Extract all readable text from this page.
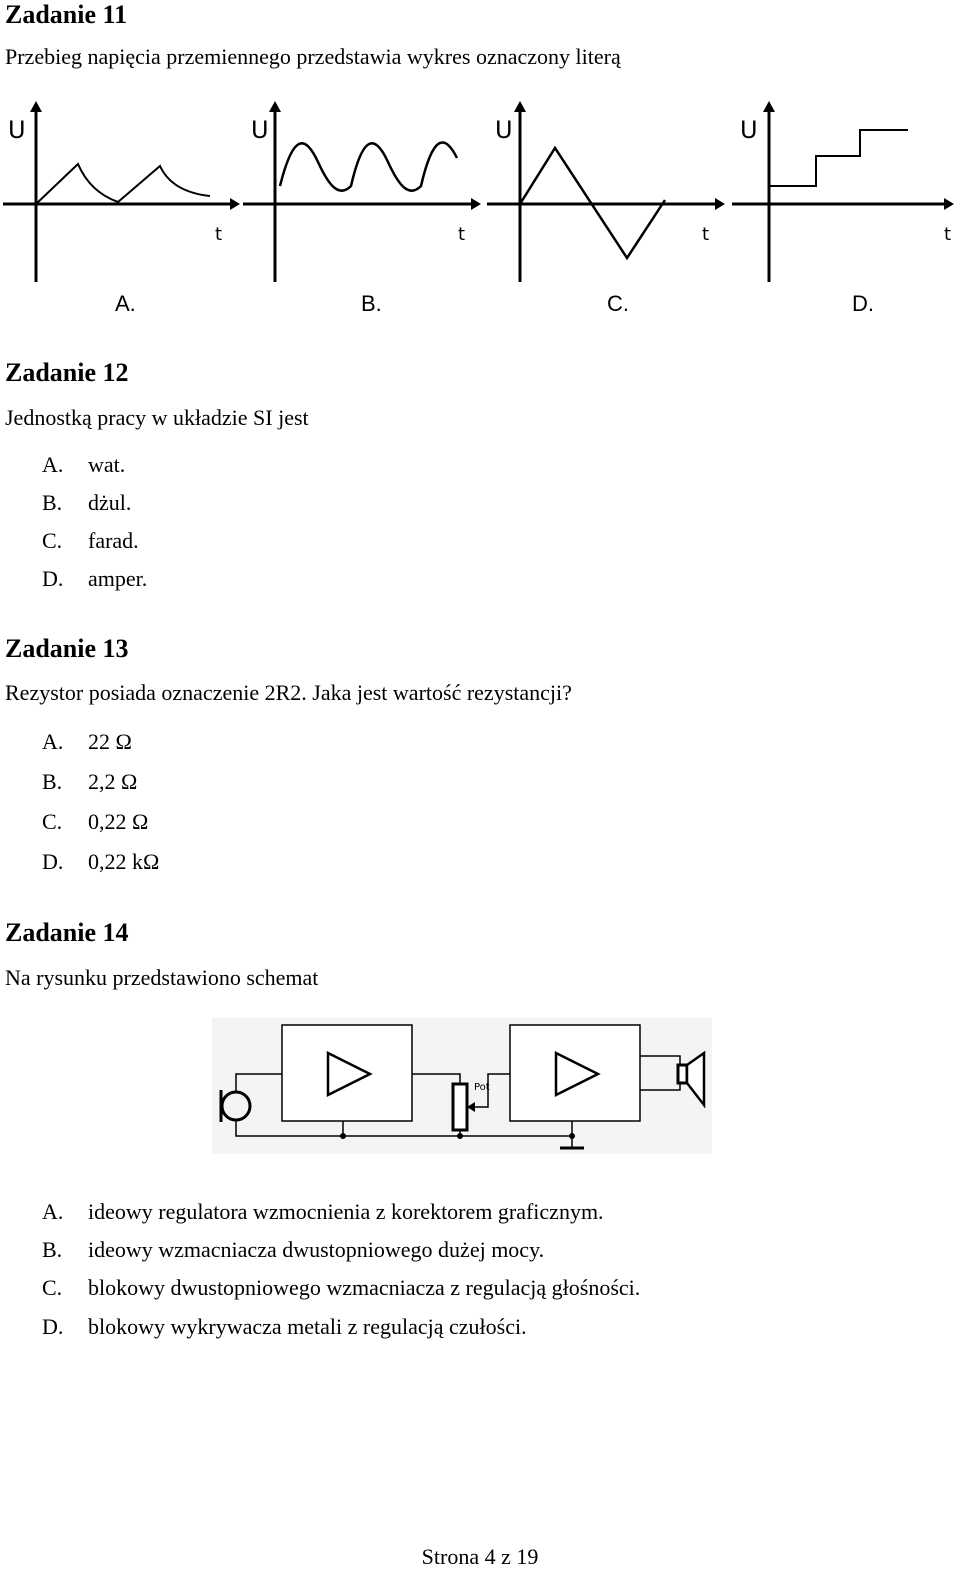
Zadanie 11
Przebieg napięcia przemiennego przedstawia wykres oznaczony literą
U
t
U
t
U
t
U
t
A.	B.	C.	D.
Zadanie 12
Jednostką pracy w układzie SI jest
A. wat.
B. dżul.
C. farad.
D. amper.
Zadanie 13
Rezystor posiada oznaczenie 2R2. Jaka jest wartość rezystancji?
A. 22 Ω
B. 2,2 Ω
C. 0,22 Ω
D. 0,22 kΩ
Zadanie 14
Na rysunku przedstawiono schemat
Pot
A. ideowy regulatora wzmocnienia z korektorem graficznym.
B. ideowy wzmacniacza dwustopniowego dużej mocy.
C. blokowy dwustopniowego wzmacniacza z regulacją głośności.
D. blokowy wykrywacza metali z regulacją czułości.
Strona 4 z 19
